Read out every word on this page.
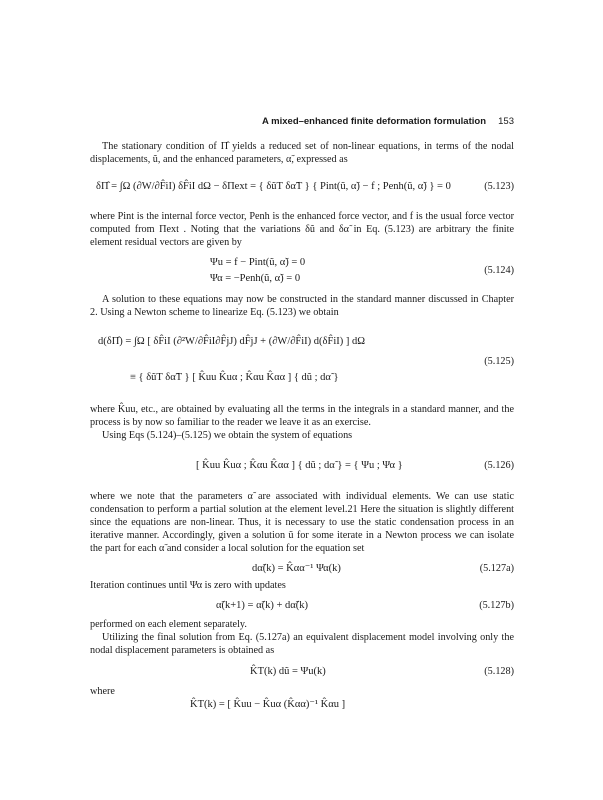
A mixed–enhanced finite deformation formulation 153

The stationary condition of Π̂ yields a reduced set of non-linear equations, in terms of the nodal displacements, ũ, and the enhanced parameters, α̃, expressed as

δΠ̂ = ∫Ω (∂W/∂F̂iI) δF̂iI dΩ − δΠext = { δũT δα̃T } { Pint(ũ, α̃) − f ; Penh(ũ, α̃) } = 0	(5.123)

where Pint is the internal force vector, Penh is the enhanced force vector, and f is the usual force vector computed from Πext . Noting that the variations δũ and δα̃ in Eq. (5.123) are arbitrary the finite element residual vectors are given by

Ψu = f − Pint(ũ, α̃) = 0
Ψα = −Penh(ũ, α̃) = 0
(5.124)

A solution to these equations may now be constructed in the standard manner discussed in Chapter 2. Using a Newton scheme to linearize Eq. (5.123) we obtain

d(δΠ̂) = ∫Ω [ δF̂iI (∂²W/∂F̂iI∂F̂jJ) dF̂jJ + (∂W/∂F̂iI) d(δF̂iI) ] dΩ
≡ { δũT δα̃T } [ K̂uu K̂uα ; K̂αu K̂αα ] { dũ ; dα̃ }
(5.125)

where K̂uu, etc., are obtained by evaluating all the terms in the integrals in a standard manner, and the process is by now so familiar to the reader we leave it as an exercise.

Using Eqs (5.124)–(5.125) we obtain the system of equations

[ K̂uu K̂uα ; K̂αu K̂αα ] { dũ ; dα̃ } = { Ψu ; Ψα }	(5.126)

where we note that the parameters α̃ are associated with individual elements. We can use static condensation to perform a partial solution at the element level.21 Here the situation is slightly different since the equations are non-linear. Thus, it is necessary to use the static condensation process in an iterative manner. Accordingly, given a solution ũ for some iterate in a Newton process we can isolate the part for each α̃ and consider a local solution for the equation set

dα̃(k) = K̂αα⁻¹ Ψα(k)	(5.127a)

Iteration continues until Ψα is zero with updates

α̃(k+1) = α̃(k) + dα̃(k)	(5.127b)

performed on each element separately.

Utilizing the final solution from Eq. (5.127a) an equivalent displacement model involving only the nodal displacement parameters is obtained as

K̂T(k) dũ = Ψu(k)	(5.128)

where

K̂T(k) = [ K̂uu − K̂uα (K̂αα)⁻¹ K̂αu ]
